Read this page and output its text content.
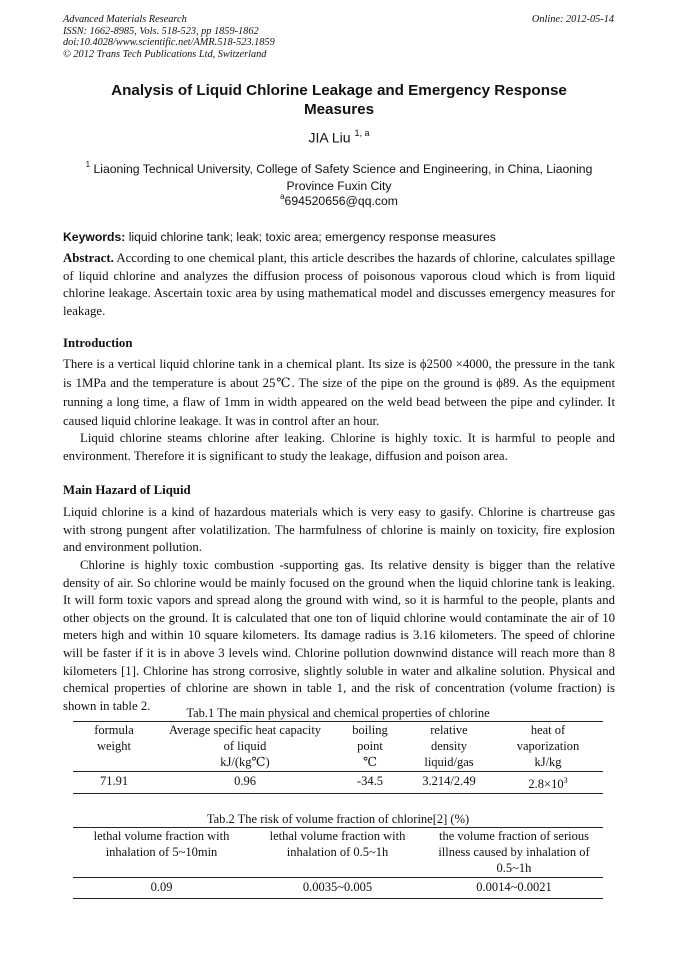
Advanced Materials Research
ISSN: 1662-8985, Vols. 518-523, pp 1859-1862
doi:10.4028/www.scientific.net/AMR.518-523.1859
© 2012 Trans Tech Publications Ltd, Switzerland
Online: 2012-05-14
Analysis of Liquid Chlorine Leakage and Emergency Response
Measures
JIA Liu $^{1, a}$
$^1$ Liaoning Technical University, College of Safety Science and Engineering, in China, Liaoning Province Fuxin City
$^a$694520656@qq.com
Keywords: liquid chlorine tank; leak; toxic area; emergency response measures
Abstract. According to one chemical plant, this article describes the hazards of chlorine, calculates spillage of liquid chlorine and analyzes the diffusion process of poisonous vaporous cloud which is from liquid chlorine leakage. Ascertain toxic area by using mathematical model and discusses emergency measures for leakage.
Introduction
There is a vertical liquid chlorine tank in a chemical plant. Its size is ϕ2500 ×4000, the pressure in the tank is 1MPa and the temperature is about 25℃. The size of the pipe on the ground is ϕ89. As the equipment running a long time, a flaw of 1mm in width appeared on the weld bead between the pipe and cylinder. It caused liquid chlorine leakage. It was in control after an hour.
Liquid chlorine steams chlorine after leaking. Chlorine is highly toxic. It is harmful to people and environment. Therefore it is significant to study the leakage, diffusion and poison area.
Main Hazard of Liquid
Liquid chlorine is a kind of hazardous materials which is very easy to gasify. Chlorine is chartreuse gas with strong pungent after volatilization. The harmfulness of chlorine is mainly on toxicity, fire explosion and environment pollution.
Chlorine is highly toxic combustion -supporting gas. Its relative density is bigger than the relative density of air. So chlorine would be mainly focused on the ground when the liquid chlorine tank is leaking. It will form toxic vapors and spread along the ground with wind, so it is harmful to the people, plants and other objects on the ground. It is calculated that one ton of liquid chlorine would contaminate the air of 10 meters high and within 10 square kilometers. Its damage radius is 3.16 kilometers. The speed of chlorine will be faster if it is in above 3 levels wind. Chlorine pollution downwind distance will reach more than 8 kilometers [1]. Chlorine has strong corrosive, slightly soluble in water and alkaline solution. Physical and chemical properties of chlorine are shown in table 1, and the risk of concentration (volume fraction) is shown in table 2.
Tab.1 The main physical and chemical properties of chlorine
formula
weight

Average specific heat capacity
of liquid
kJ/(kg℃)

boiling
point
℃

relative
density
liquid/gas

heat of
vaporization
kJ/kg
71.91	0.96	-34.5	3.214/2.49	$2.8\times 10^3$
Tab.2 The risk of volume fraction of chlorine[2] (%)
lethal volume fraction with
inhalation of 5~10min

lethal volume fraction with
inhalation of 0.5~1h

the volume fraction of serious
illness caused by inhalation of
0.5~1h
0.09	0.0035~0.005	0.0014~0.0021
